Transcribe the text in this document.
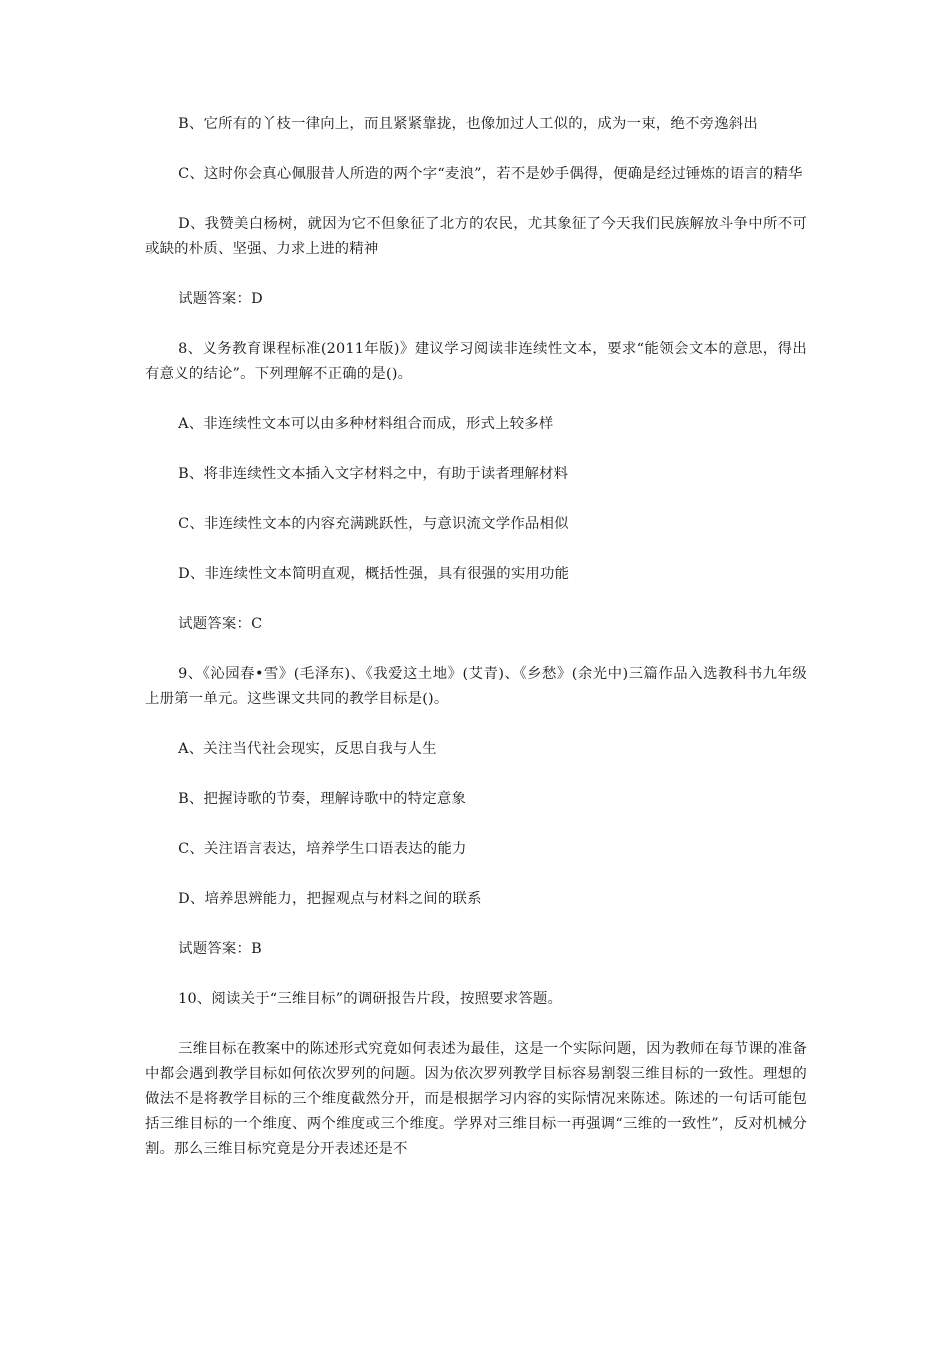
B、它所有的丫枝一律向上，而且紧紧靠拢，也像加过人工似的，成为一束，绝不旁逸斜出

C、这时你会真心佩服昔人所造的两个字“麦浪”，若不是妙手偶得，便确是经过锤炼的语言的精华

D、我赞美白杨树，就因为它不但象征了北方的农民，尤其象征了今天我们民族解放斗争中所不可或缺的朴质、坚强、力求上进的精神

试题答案：D

8、义务教育课程标准(2011年版)》建议学习阅读非连续性文本，要求“能领会文本的意思，得出有意义的结论”。下列理解不正确的是()。

A、非连续性文本可以由多种材料组合而成，形式上较多样

B、将非连续性文本插入文字材料之中，有助于读者理解材料

C、非连续性文本的内容充满跳跃性，与意识流文学作品相似

D、非连续性文本简明直观，概括性强，具有很强的实用功能

试题答案：C

9、《沁园春•雪》(毛泽东)、《我爱这土地》(艾青)、《乡愁》(余光中)三篇作品入选教科书九年级上册第一单元。这些课文共同的教学目标是()。

A、关注当代社会现实，反思自我与人生

B、把握诗歌的节奏，理解诗歌中的特定意象

C、关注语言表达，培养学生口语表达的能力

D、培养思辨能力，把握观点与材料之间的联系

试题答案：B

10、阅读关于“三维目标”的调研报告片段，按照要求答题。

三维目标在教案中的陈述形式究竟如何表述为最佳，这是一个实际问题，因为教师在每节课的准备中都会遇到教学目标如何依次罗列的问题。因为依次罗列教学目标容易割裂三维目标的一致性。理想的做法不是将教学目标的三个维度截然分开，而是根据学习内容的实际情况来陈述。陈述的一句话可能包括三维目标的一个维度、两个维度或三个维度。学界对三维目标一再强调“三维的一致性”，反对机械分割。那么三维目标究竟是分开表述还是不
